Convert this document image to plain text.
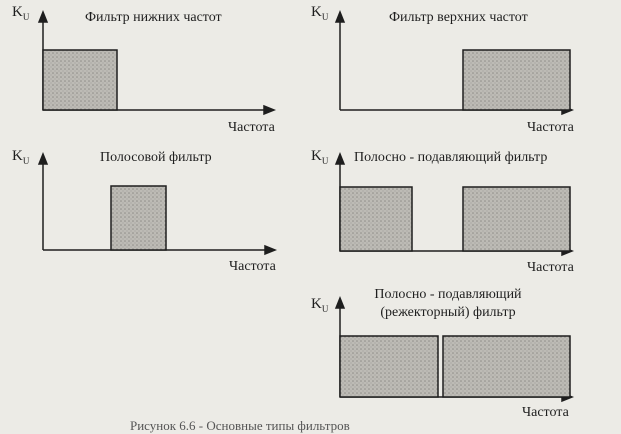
$K_U$	Фильтр нижних частот
Частота
$K_U$	Фильтр верхних частот
Частота
$K_U$	Полосовой фильтр
Частота
$K_U$ Полосно - подавляющий фильтр
Частота
$K_U$
Полосно - подавляющий
(режекторный) фильтр
Частота
Рисунок 6.6 - Основные типы фильтров
